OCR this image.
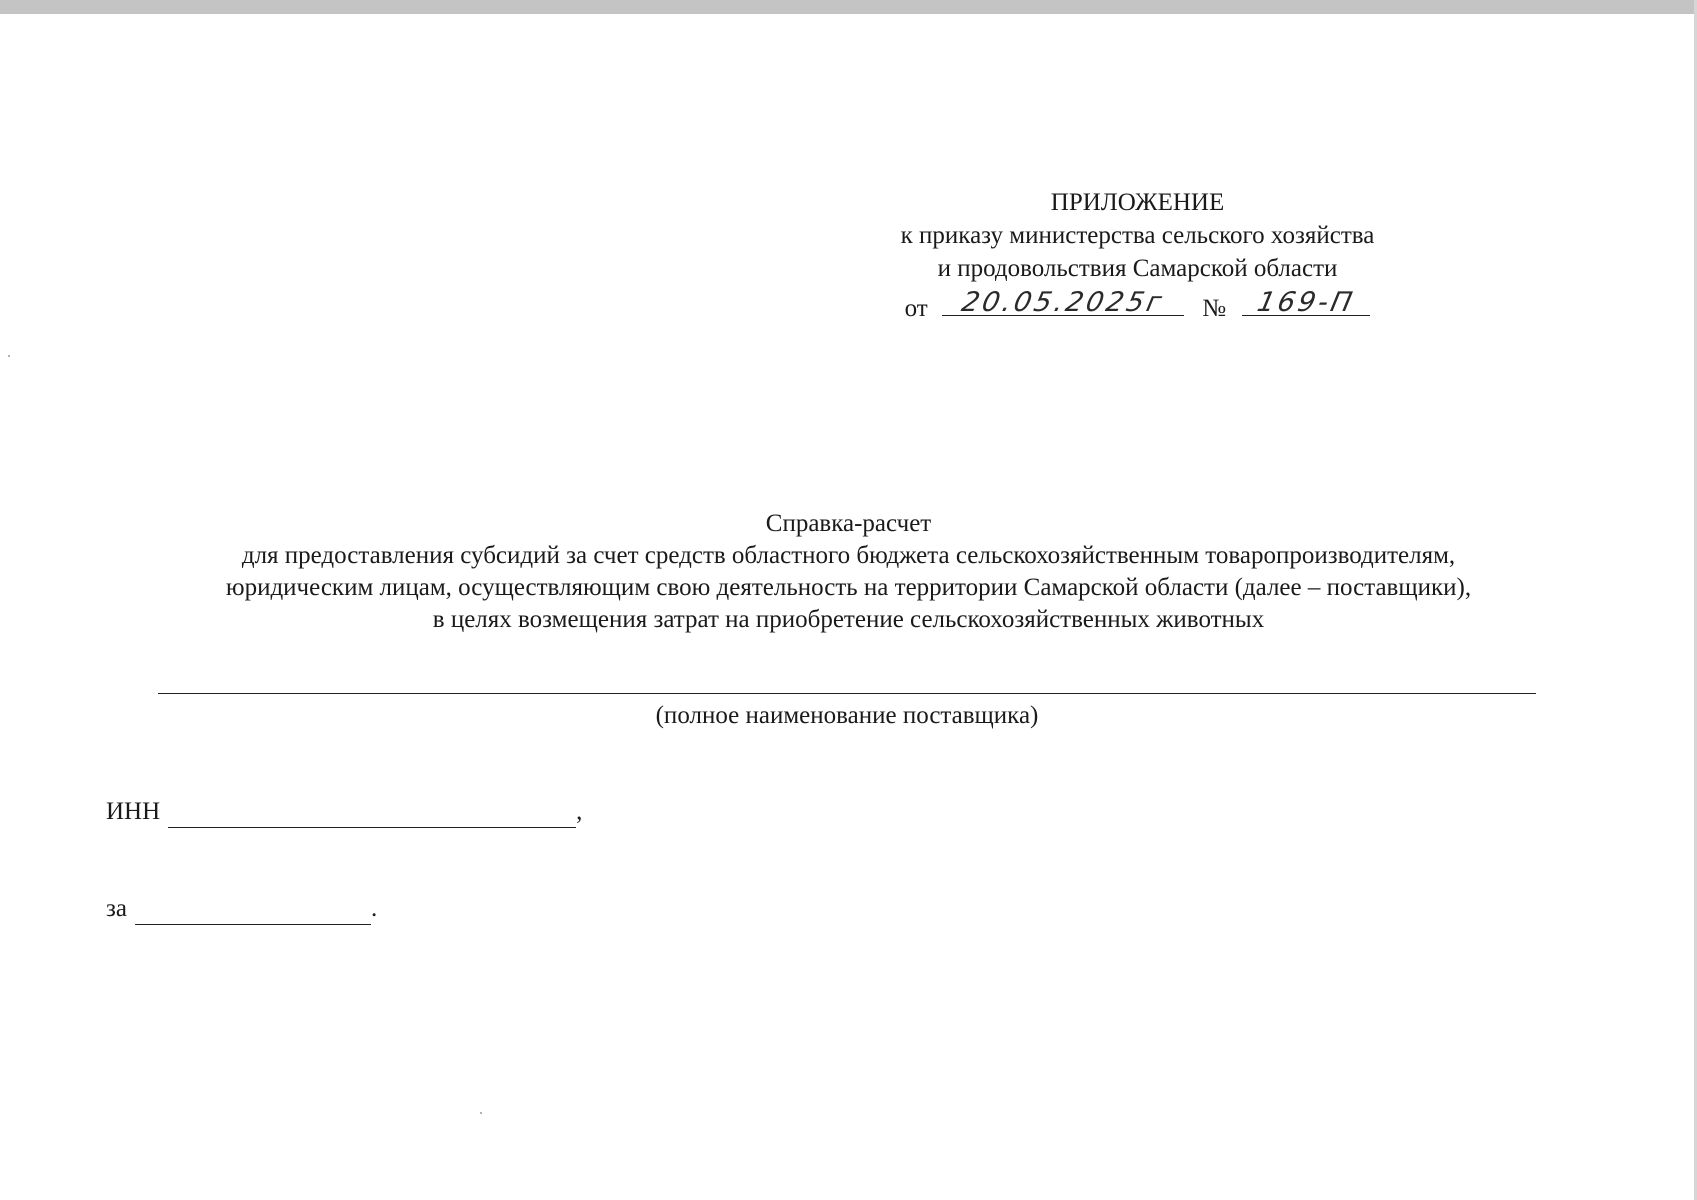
ПРИЛОЖЕНИЕ
к приказу министерства сельского хозяйства
и продовольствия Самарской области
от	20.05.2025г	№	169-П
Справка-расчет
для предоставления субсидий за счет средств областного бюджета сельскохозяйственным товаропроизводителям,
юридическим лицам, осуществляющим свою деятельность на территории Самарской области (далее – поставщики),
в целях возмещения затрат на приобретение сельскохозяйственных животных
(полное наименование поставщика)
ИНН	,
за	.
